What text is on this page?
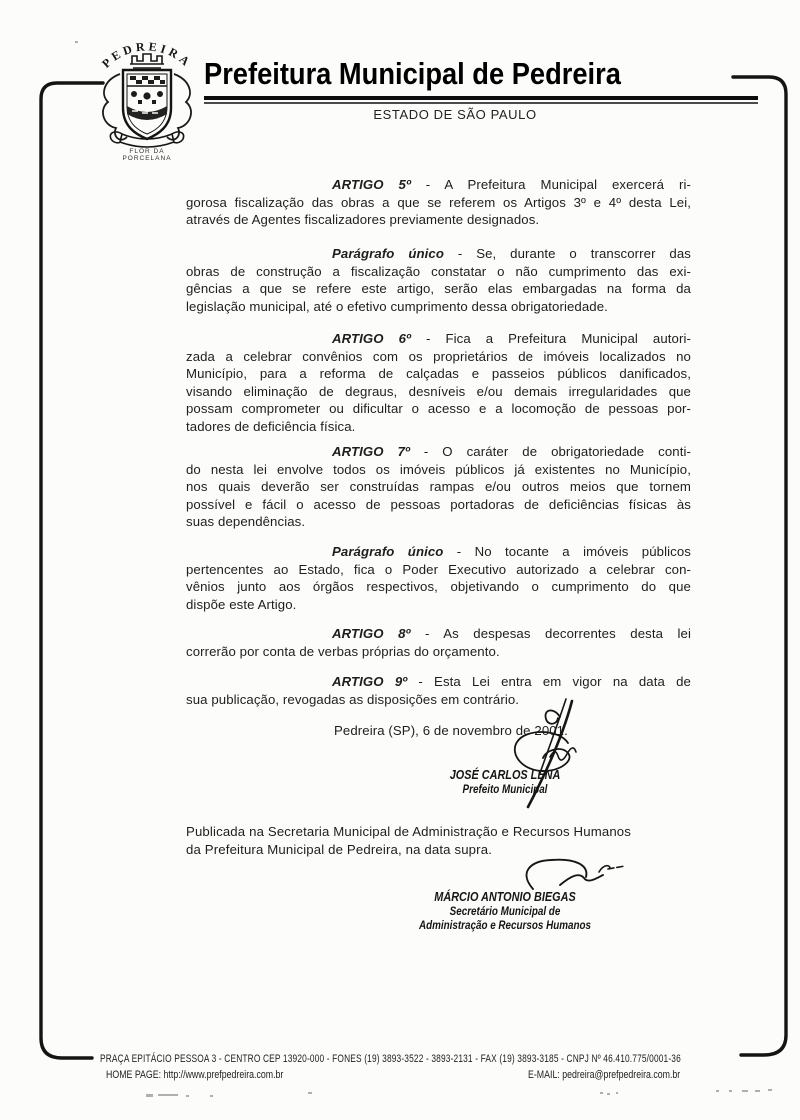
PEDREIRA
FLOR DA
PORCELANA
Prefeitura Municipal de Pedreira
ESTADO DE SÃO PAULO
ARTIGO 5º - A Prefeitura Municipal exercerá ri-
gorosa fiscalização das obras a que se referem os Artigos 3º e 4º desta Lei,
através de Agentes fiscalizadores previamente designados.
Parágrafo único - Se, durante o transcorrer das
obras de construção a fiscalização constatar o não cumprimento das exi-
gências a que se refere este artigo, serão elas embargadas na forma da
legislação municipal, até o efetivo cumprimento dessa obrigatoriedade.
ARTIGO 6º - Fica a Prefeitura Municipal autori-
zada a celebrar convênios com os proprietários de imóveis localizados no
Município, para a reforma de calçadas e passeios públicos danificados,
visando eliminação de degraus, desníveis e/ou demais irregularidades que
possam comprometer ou dificultar o acesso e a locomoção de pessoas por-
tadores de deficiência física.
ARTIGO 7º - O caráter de obrigatoriedade conti-
do nesta lei envolve todos os imóveis públicos já existentes no Município,
nos quais deverão ser construídas rampas e/ou outros meios que tornem
possível e fácil o acesso de pessoas portadoras de deficiências físicas às
suas dependências.
Parágrafo único - No tocante a imóveis públicos
pertencentes ao Estado, fica o Poder Executivo autorizado a celebrar con-
vênios junto aos órgãos respectivos, objetivando o cumprimento do que
dispõe este Artigo.
ARTIGO 8º - As despesas decorrentes desta lei
correrão por conta de verbas próprias do orçamento.
ARTIGO 9º - Esta Lei entra em vigor na data de
sua publicação, revogadas as disposições em contrário.
Pedreira (SP), 6 de novembro de 2001.
JOSÉ CARLOS LENA
Prefeito Municipal
Publicada na Secretaria Municipal de Administração e Recursos Humanos
da Prefeitura Municipal de Pedreira, na data supra.
MÁRCIO ANTONIO BIEGAS
Secretário Municipal de
Administração e Recursos Humanos
PRAÇA EPITÁCIO PESSOA 3 - CENTRO CEP 13920-000 - FONES (19) 3893-3522 - 3893-2131 - FAX (19) 3893-3185 - CNPJ Nº 46.410.775/0001-36
HOME PAGE: http://www.prefpedreira.com.br	E-MAIL: pedreira@prefpedreira.com.br
